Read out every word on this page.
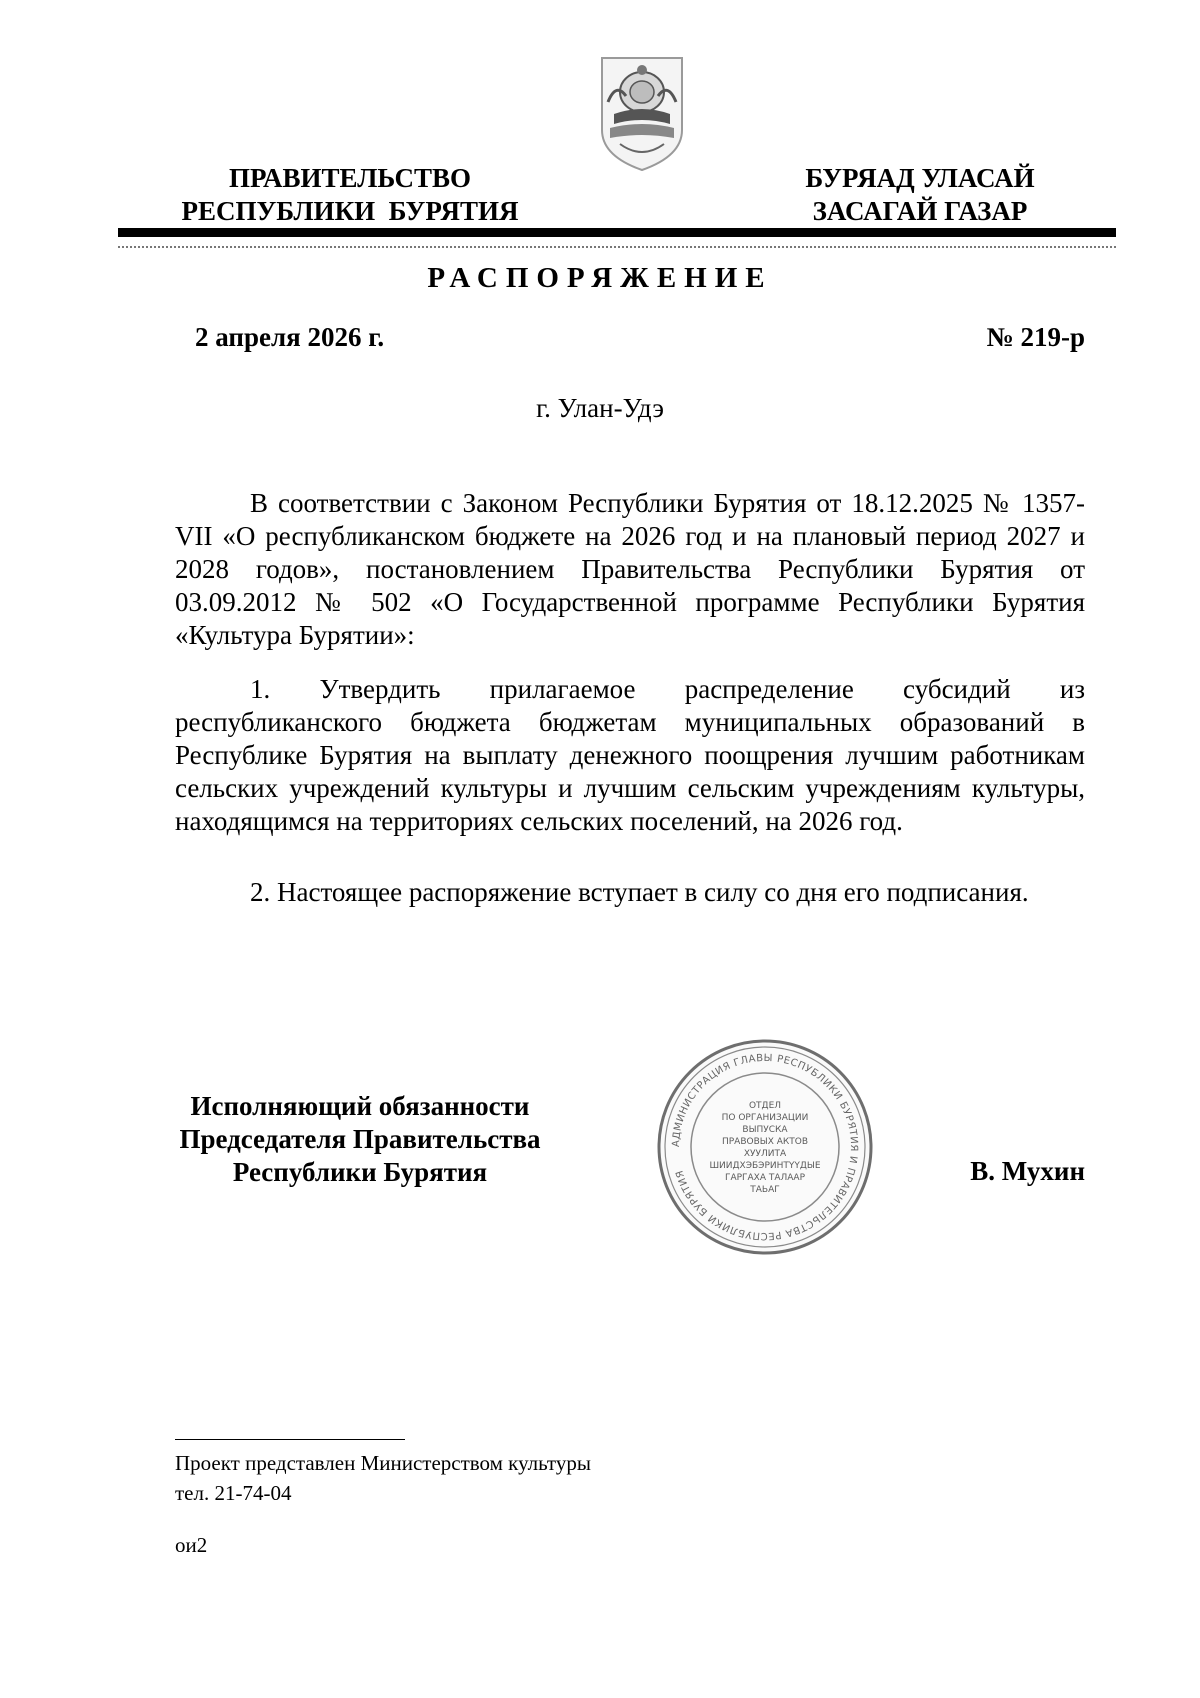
ПРАВИТЕЛЬСТВО
РЕСПУБЛИКИ  БУРЯТИЯ
БУРЯАД УЛАСАЙ
ЗАСАГАЙ ГАЗАР
РАСПОРЯЖЕНИЕ
2 апреля 2026 г.	№ 219-р
г. Улан-Удэ
В соответствии с Законом Республики Бурятия от 18.12.2025 № 1357-VII «О республиканском бюджете на 2026 год и на плановый период 2027 и 2028 годов», постановлением Правительства Республики Бурятия от 03.09.2012 № 502 «О Государственной программе Республики Бурятия «Культура Бурятии»:
1. Утвердить прилагаемое распределение субсидий из республиканского бюджета бюджетам муниципальных образований в Республике Бурятия на выплату денежного поощрения лучшим работникам сельских учреждений культуры и лучшим сельским учреждениям культуры, находящимся на территориях сельских поселений, на 2026 год.
2. Настоящее распоряжение вступает в силу со дня его подписания.
Исполняющий обязанности
Председателя Правительства
Республики Бурятия	В. Мухин
АДМИНИСТРАЦИЯ ГЛАВЫ РЕСПУБЛИКИ БУРЯТИЯ И ПРАВИТЕЛЬСТВА РЕСПУБЛИКИ БУРЯТИЯ
ОТДЕЛ
ПО ОРГАНИЗАЦИИ
ВЫПУСКА
ПРАВОВЫХ АКТОВ
ХУУЛИТА
ШИИДХЭБЭРИНТҮҮДЫЕ
ГАРГАХА ТАЛААР
ТАЬАГ
Проект представлен Министерством культуры
тел. 21-74-04
ои2
